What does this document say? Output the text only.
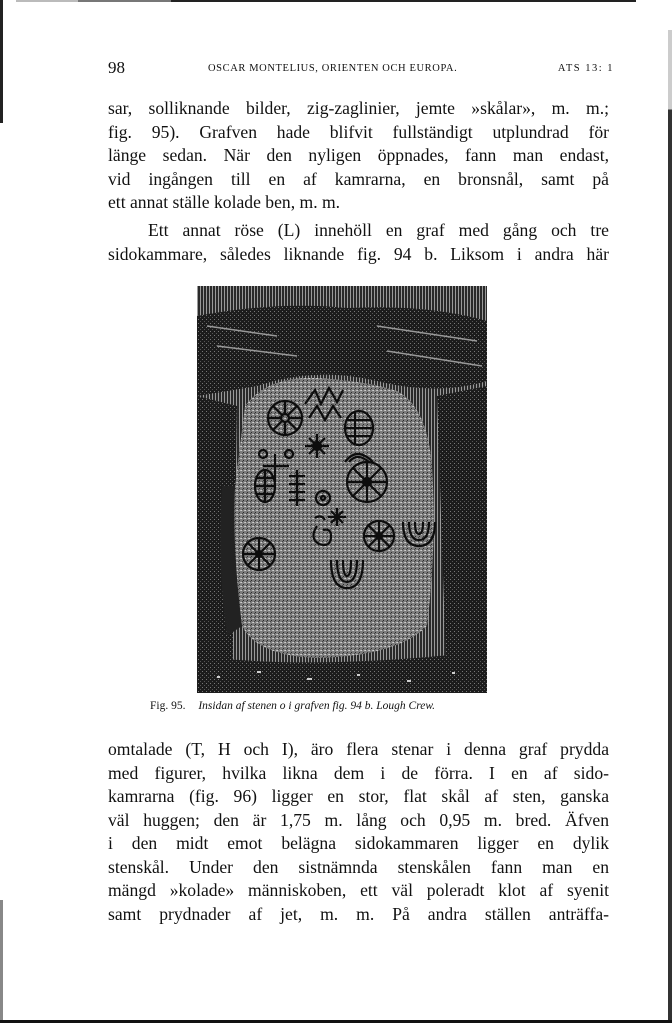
98	OSCAR MONTELIUS, ORIENTEN OCH EUROPA.	ATS 13: 1
sar, solliknande bilder, zig-zaglinier, jemte »skålar», m. m.;
fig. 95). Grafven hade blifvit fullständigt utplundrad för
länge sedan. När den nyligen öppnades, fann man endast,
vid ingången till en af kamrarna, en bronsnål, samt på
ett annat ställe kolade ben, m. m.
Ett annat röse (L) innehöll en graf med gång och tre
sidokammare, således liknande fig. 94 b. Liksom i andra här
Fig. 95. Insidan af stenen o i grafven fig. 94 b. Lough Crew.
omtalade (T, H och I), äro flera stenar i denna graf prydda
med figurer, hvilka likna dem i de förra. I en af sido-
kamrarna (fig. 96) ligger en stor, flat skål af sten, ganska
väl huggen; den är 1,75 m. lång och 0,95 m. bred. Äfven
i den midt emot belägna sidokammaren ligger en dylik
stenskål. Under den sistnämnda stenskålen fann man en
mängd »kolade» människoben, ett väl poleradt klot af syenit
samt prydnader af jet, m. m. På andra ställen anträffa-
